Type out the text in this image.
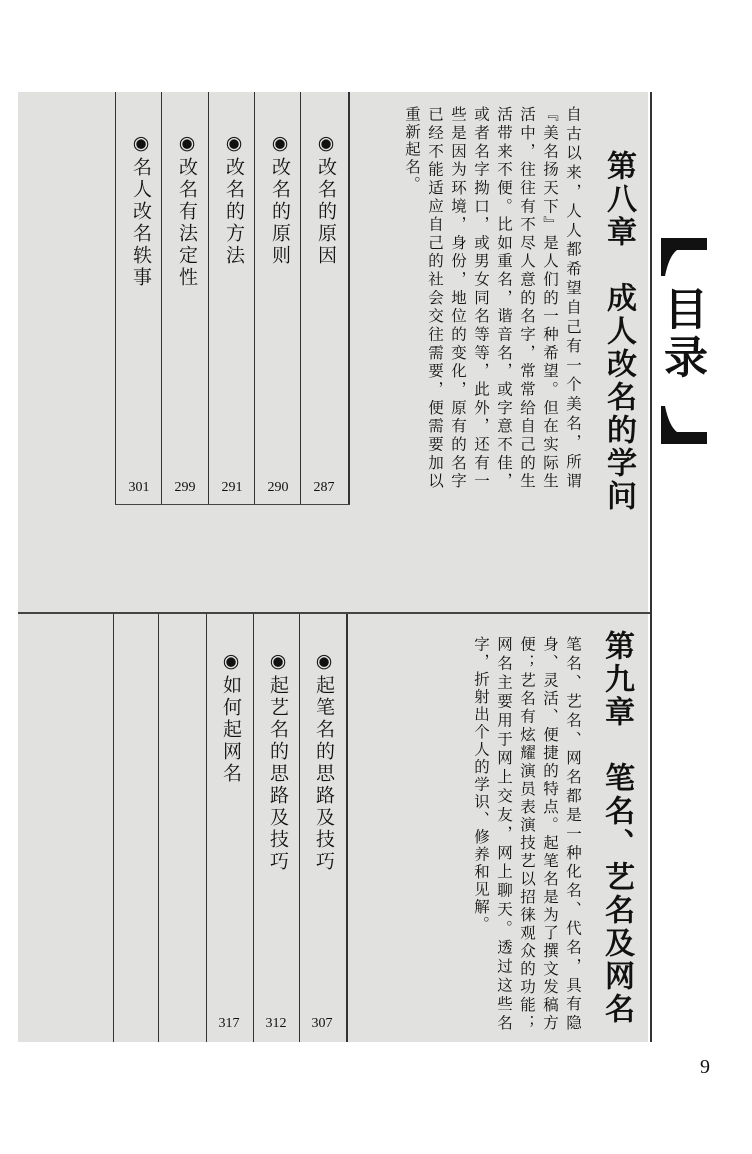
目录
第八章　成人改名的学问
自古以来，人人都希望自己有一个美名，所谓『美名扬天下』是人们的一种希望。但在实际生活中，往往有不尽人意的名字，常常给自己的生活带来不便。比如重名，谐音名，或字意不佳，或者名字拗口，或男女同名等等，此外，还有一些是因为环境，身份，地位的变化，原有的名字已经不能适应自己的社会交往需要，便需要加以重新起名。
◉改名的原因
◉改名的原则
◉改名的方法
◉改名有法定性
◉名人改名轶事
287
290
291
299
301
第九章　笔名、艺名及网名
笔名、艺名、网名都是一种化名、代名，具有隐身、灵活、便捷的特点。起笔名是为了撰文发稿方便；艺名有炫耀演员表演技艺以招徕观众的功能；网名主要用于网上交友，网上聊天。透过这些名字，折射出个人的学识、修养和见解。
◉起笔名的思路及技巧
◉起艺名的思路及技巧
◉如何起网名
307
312
317
9
